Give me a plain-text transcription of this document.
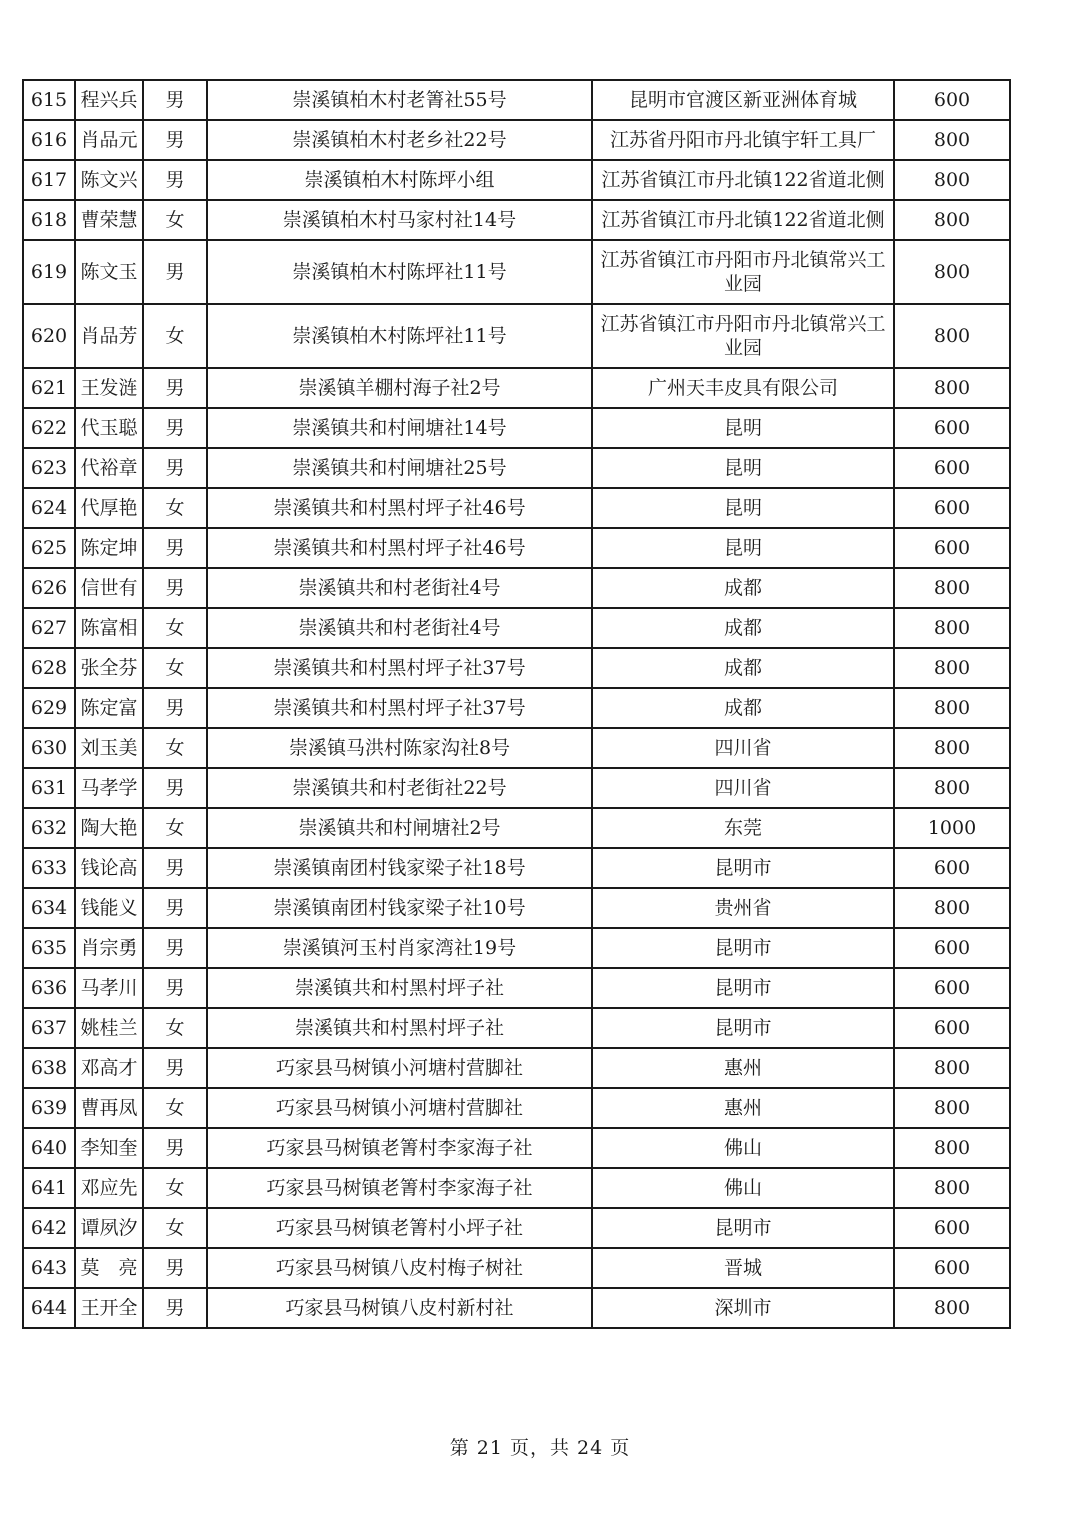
615	程兴兵	男	崇溪镇柏木村老箐社55号	昆明市官渡区新亚洲体育城	600
616	肖品元	男	崇溪镇柏木村老乡社22号	江苏省丹阳市丹北镇宇轩工具厂	800
617	陈文兴	男	崇溪镇柏木村陈坪小组	江苏省镇江市丹北镇122省道北侧	800
618	曹荣慧	女	崇溪镇柏木村马家村社14号	江苏省镇江市丹北镇122省道北侧	800
619	陈文玉	男	崇溪镇柏木村陈坪社11号	江苏省镇江市丹阳市丹北镇常兴工业园	800
620	肖品芳	女	崇溪镇柏木村陈坪社11号	江苏省镇江市丹阳市丹北镇常兴工业园	800
621	王发涟	男	崇溪镇羊棚村海子社2号	广州天丰皮具有限公司	800
622	代玉聪	男	崇溪镇共和村闸塘社14号	昆明	600
623	代裕章	男	崇溪镇共和村闸塘社25号	昆明	600
624	代厚艳	女	崇溪镇共和村黑村坪子社46号	昆明	600
625	陈定坤	男	崇溪镇共和村黑村坪子社46号	昆明	600
626	信世有	男	崇溪镇共和村老街社4号	成都	800
627	陈富相	女	崇溪镇共和村老街社4号	成都	800
628	张全芬	女	崇溪镇共和村黑村坪子社37号	成都	800
629	陈定富	男	崇溪镇共和村黑村坪子社37号	成都	800
630	刘玉美	女	崇溪镇马洪村陈家沟社8号	四川省	800
631	马孝学	男	崇溪镇共和村老街社22号	四川省	800
632	陶大艳	女	崇溪镇共和村闸塘社2号	东莞	1000
633	钱论高	男	崇溪镇南团村钱家梁子社18号	昆明市	600
634	钱能义	男	崇溪镇南团村钱家梁子社10号	贵州省	800
635	肖宗勇	男	崇溪镇河玉村肖家湾社19号	昆明市	600
636	马孝川	男	崇溪镇共和村黑村坪子社	昆明市	600
637	姚桂兰	女	崇溪镇共和村黑村坪子社	昆明市	600
638	邓高才	男	巧家县马树镇小河塘村营脚社	惠州	800
639	曹再凤	女	巧家县马树镇小河塘村营脚社	惠州	800
640	李知奎	男	巧家县马树镇老箐村李家海子社	佛山	800
641	邓应先	女	巧家县马树镇老箐村李家海子社	佛山	800
642	谭夙汐	女	巧家县马树镇老箐村小坪子社	昆明市	600
643	莫　亮	男	巧家县马树镇八皮村梅子树社	晋城	600
644	王开全	男	巧家县马树镇八皮村新村社	深圳市	800
第 21 页，共 24 页
